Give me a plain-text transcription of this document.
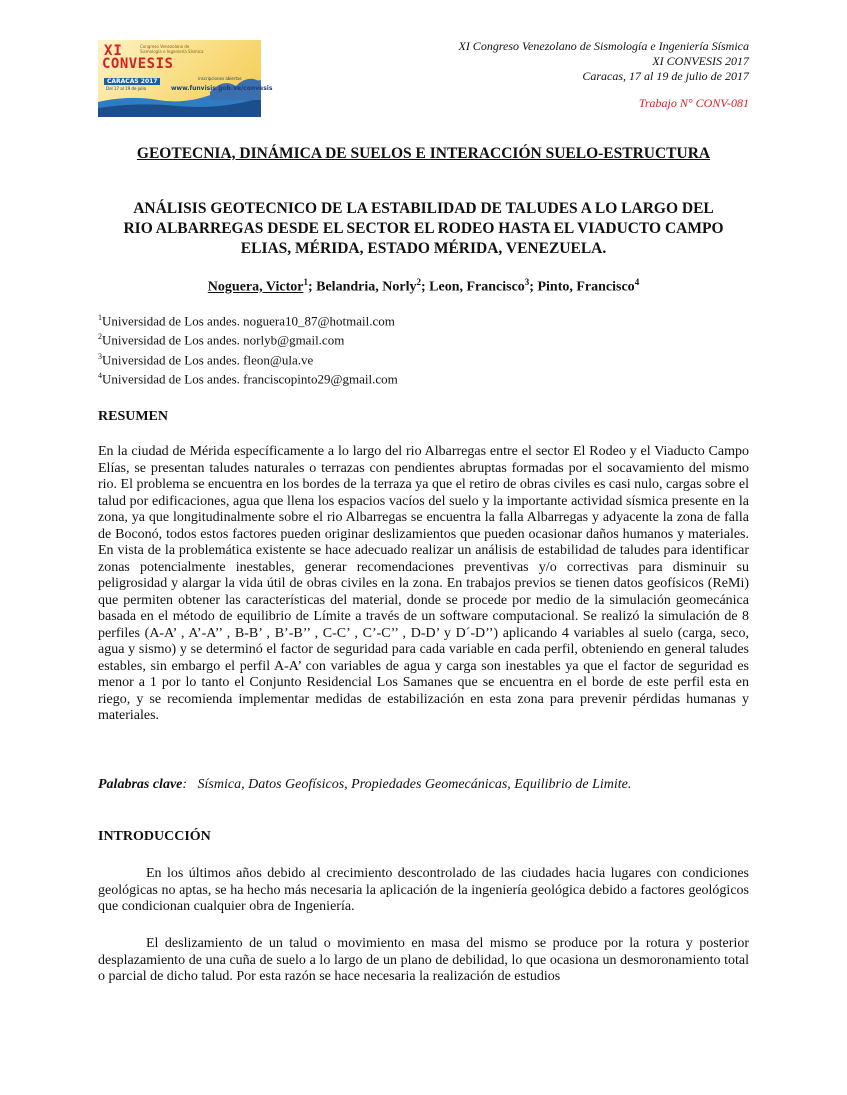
XI
CONVESIS
Congreso Venezolano de Sismología e Ingeniería Sísmica
CARACAS 2017
Del 17 al 19 de julio	www.funvisis.gob.ve/convesis
inscripciones abiertas
XI Congreso Venezolano de Sismología e Ingeniería Sísmica
XI CONVESIS 2017
Caracas, 17 al 19 de julio de 2017
Trabajo N° CONV-081
GEOTECNIA, DINÁMICA DE SUELOS E INTERACCIÓN SUELO-ESTRUCTURA
ANÁLISIS GEOTECNICO DE LA ESTABILIDAD DE TALUDES A LO LARGO DEL
RIO ALBARREGAS DESDE EL SECTOR EL RODEO HASTA EL VIADUCTO CAMPO
ELIAS, MÉRIDA, ESTADO MÉRIDA, VENEZUELA.
Noguera, Victor$^1$; Belandria, Norly$^2$; Leon, Francisco$^3$; Pinto, Francisco$^4$
$^1$Universidad de Los andes. noguera10_87@hotmail.com
$^2$Universidad de Los andes. norlyb@gmail.com
$^3$Universidad de Los andes. fleon@ula.ve
$^4$Universidad de Los andes. franciscopinto29@gmail.com
RESUMEN

En la ciudad de Mérida específicamente a lo largo del rio Albarregas entre el sector El Rodeo y el Viaducto Campo Elías, se presentan taludes naturales o terrazas con pendientes abruptas formadas por el socavamiento del mismo rio. El problema se encuentra en los bordes de la terraza ya que el retiro de obras civiles es casi nulo, cargas sobre el talud por edificaciones, agua que llena los espacios vacíos del suelo y la importante actividad sísmica presente en la zona, ya que longitudinalmente sobre el rio Albarregas se encuentra la falla Albarregas y adyacente la zona de falla de Boconó, todos estos factores pueden originar deslizamientos que pueden ocasionar daños humanos y materiales. En vista de la problemática existente se hace adecuado realizar un análisis de estabilidad de taludes para identificar zonas potencialmente inestables, generar recomendaciones preventivas y/o correctivas para disminuir su peligrosidad y alargar la vida útil de obras civiles en la zona. En trabajos previos se tienen datos geofísicos (ReMi) que permiten obtener las características del material, donde se procede por medio de la simulación geomecánica basada en el método de equilibrio de Límite a través de un software computacional. Se realizó la simulación de 8 perfiles (A-A’ , A’-A’’ , B-B’ , B’-B’’ , C-C’ , C’-C’’ , D-D’ y D´-D’’) aplicando 4 variables al suelo (carga, seco, agua y sismo) y se determinó el factor de seguridad para cada variable en cada perfil, obteniendo en general taludes estables, sin embargo el perfil A-A’ con variables de agua y carga son inestables ya que el factor de seguridad es menor a 1 por lo tanto el Conjunto Residencial Los Samanes que se encuentra en el borde de este perfil esta en riego, y se recomienda implementar medidas de estabilización en esta zona para prevenir pérdidas humanas y materiales.

Palabras clave:   Sísmica, Datos Geofísicos, Propiedades Geomecánicas, Equilibrio de Limite.
INTRODUCCIÓN

En los últimos años debido al crecimiento descontrolado de las ciudades hacia lugares con condiciones geológicas no aptas, se ha hecho más necesaria la aplicación de la ingeniería geológica debido a factores geológicos que condicionan cualquier obra de Ingeniería.

El deslizamiento de un talud o movimiento en masa del mismo se produce por la rotura y posterior desplazamiento de una cuña de suelo a lo largo de un plano de debilidad, lo que ocasiona un desmoronamiento total o parcial de dicho talud. Por esta razón se hace necesaria la realización de estudios
